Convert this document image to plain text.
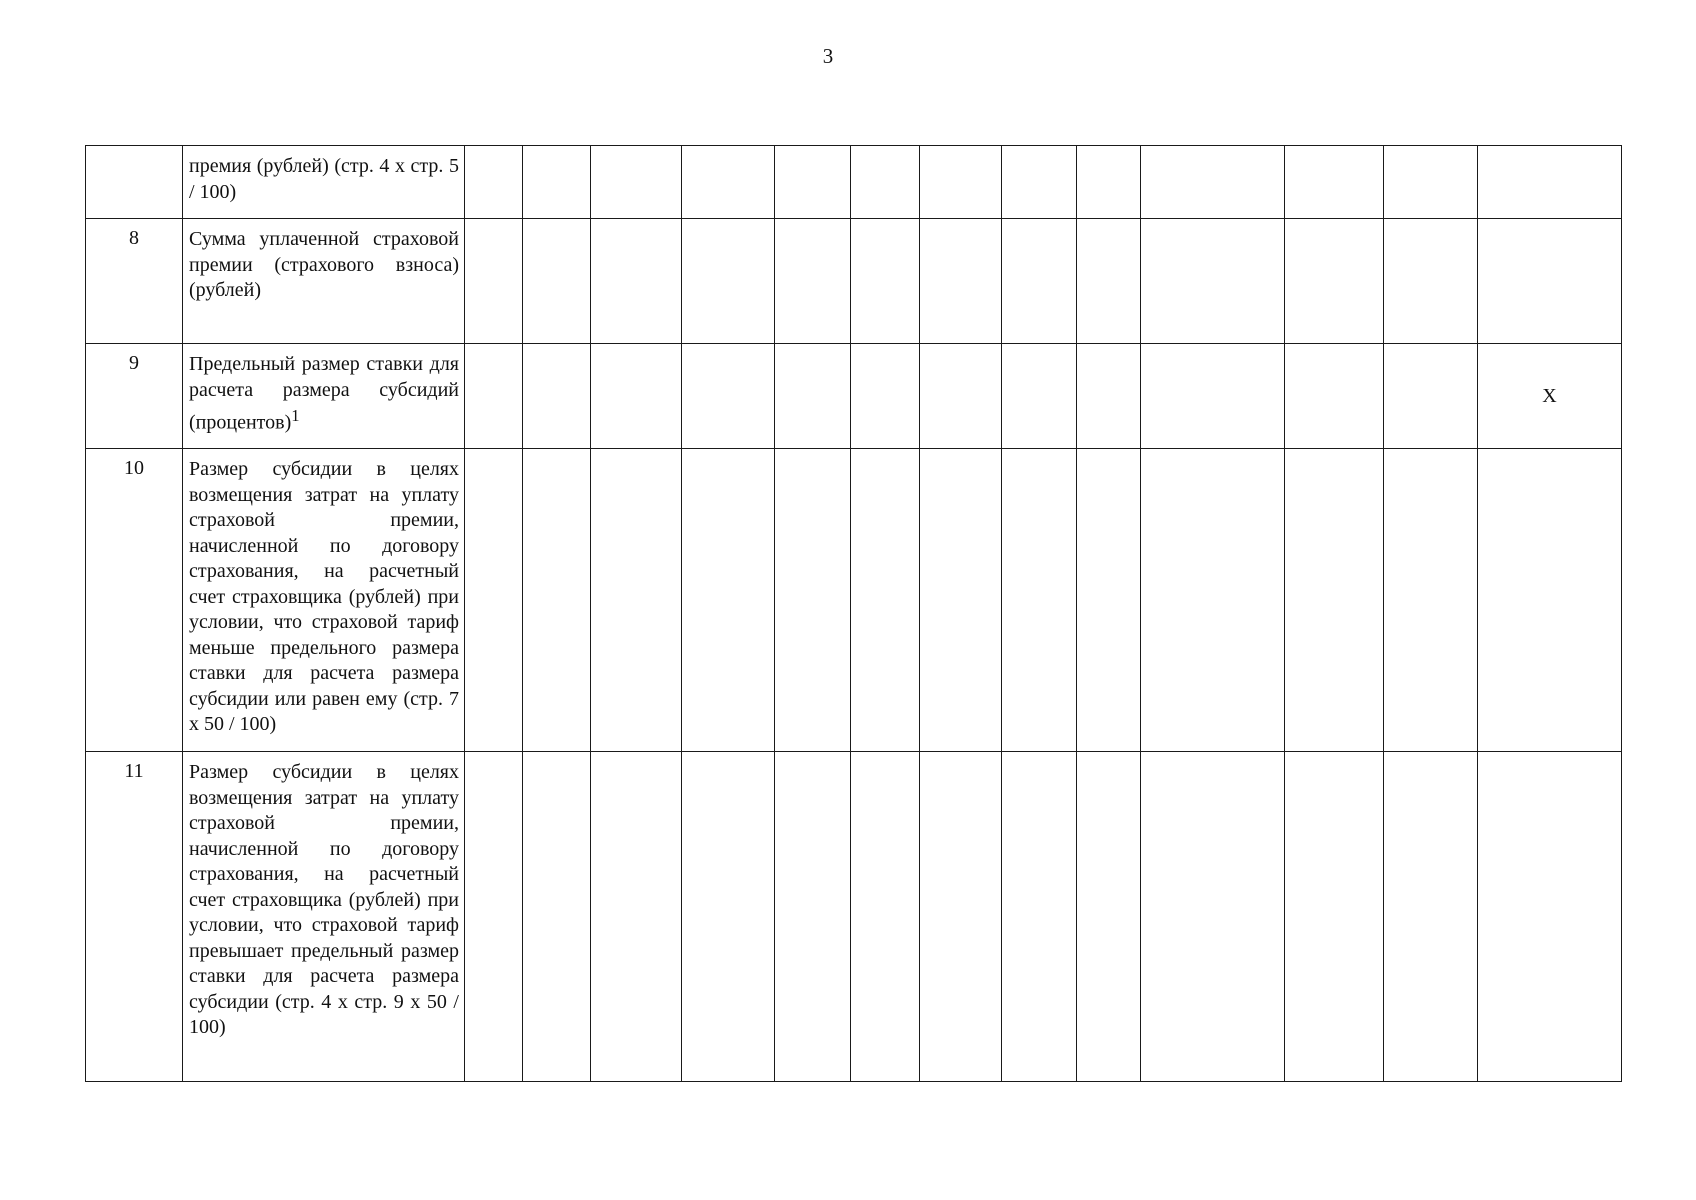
3
	премия (рублей) (стр. 4 х стр. 5 / 100)													
8	Сумма уплаченной страховой премии (страхового взноса) (рублей)													
9	Предельный размер ставки для расчета размера субсидий (процентов)$^1$													Х
10	Размер субсидии в целях возмещения затрат на уплату страховой премии, начисленной по договору страхования, на расчетный счет страховщика (рублей) при условии, что страховой тариф меньше предельного размера ставки для расчета размера субсидии или равен ему (стр. 7 х 50 / 100)													
11	Размер субсидии в целях возмещения затрат на уплату страховой премии, начисленной по договору страхования, на расчетный счет страховщика (рублей) при условии, что страховой тариф превышает предельный размер ставки для расчета размера субсидии (стр. 4 х стр. 9 х 50 / 100)													
